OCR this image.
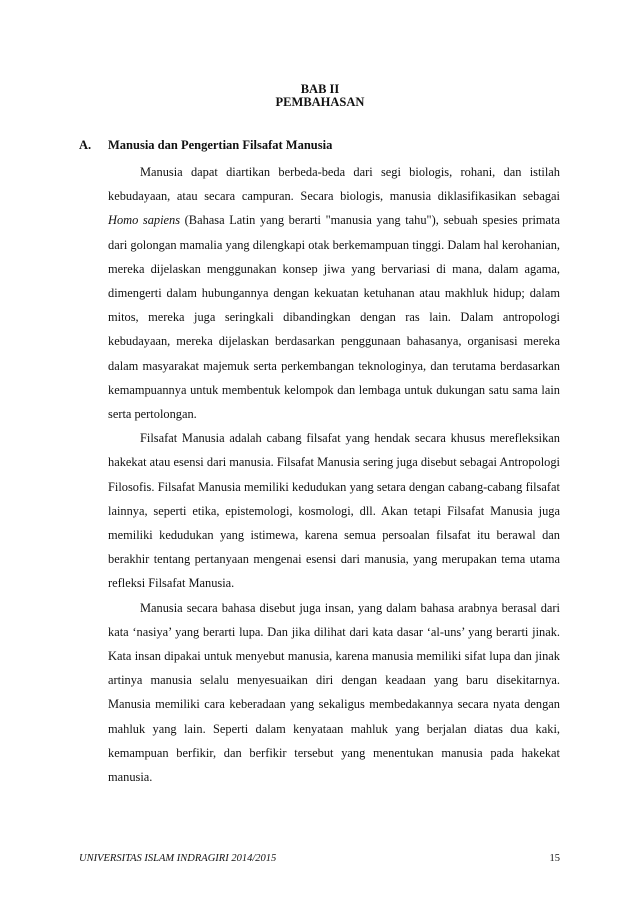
BAB II
PEMBAHASAN
A. Manusia dan Pengertian Filsafat Manusia

Manusia dapat diartikan berbeda-beda dari segi biologis, rohani, dan istilah kebudayaan, atau secara campuran. Secara biologis, manusia diklasifikasikan sebagai Homo sapiens (Bahasa Latin yang berarti "manusia yang tahu"), sebuah spesies primata dari golongan mamalia yang dilengkapi otak berkemampuan tinggi. Dalam hal kerohanian, mereka dijelaskan menggunakan konsep jiwa yang bervariasi di mana, dalam agama, dimengerti dalam hubungannya dengan kekuatan ketuhanan atau makhluk hidup; dalam mitos, mereka juga seringkali dibandingkan dengan ras lain. Dalam antropologi kebudayaan, mereka dijelaskan berdasarkan penggunaan bahasanya, organisasi mereka dalam masyarakat majemuk serta perkembangan teknologinya, dan terutama berdasarkan kemampuannya untuk membentuk kelompok dan lembaga untuk dukungan satu sama lain serta pertolongan.

Filsafat Manusia adalah cabang filsafat yang hendak secara khusus merefleksikan hakekat atau esensi dari manusia. Filsafat Manusia sering juga disebut sebagai Antropologi Filosofis. Filsafat Manusia memiliki kedudukan yang setara dengan cabang-cabang filsafat lainnya, seperti etika, epistemologi, kosmologi, dll. Akan tetapi Filsafat Manusia juga memiliki kedudukan yang istimewa, karena semua persoalan filsafat itu berawal dan berakhir tentang pertanyaan mengenai esensi dari manusia, yang merupakan tema utama refleksi Filsafat Manusia.

Manusia secara bahasa disebut juga insan, yang dalam bahasa arabnya berasal dari kata ‘nasiya’ yang berarti lupa. Dan jika dilihat dari kata dasar ‘al-uns’ yang berarti jinak. Kata insan dipakai untuk menyebut manusia, karena manusia memiliki sifat lupa dan jinak artinya manusia selalu menyesuaikan diri dengan keadaan yang baru disekitarnya. Manusia memiliki cara keberadaan yang sekaligus membedakannya secara nyata dengan mahluk yang lain. Seperti dalam kenyataan mahluk yang berjalan diatas dua kaki, kemampuan berfikir, dan berfikir tersebut yang menentukan manusia pada hakekat manusia.

UNIVERSITAS ISLAM INDRAGIRI 2014/2015	15
